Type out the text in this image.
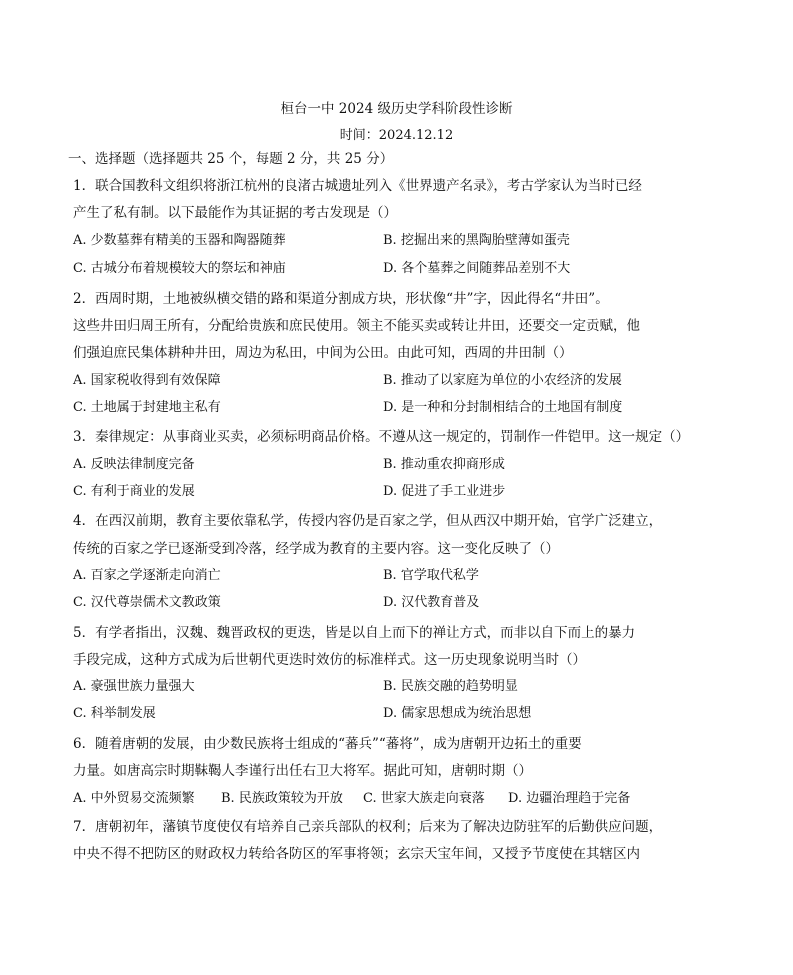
桓台一中 2024 级历史学科阶段性诊断
时间：2024.12.12
一、选择题（选择题共 25 个，每题 2 分，共 25 分）
1．联合国教科文组织将浙江杭州的良渚古城遗址列入《世界遗产名录》，考古学家认为当时已经
产生了私有制。以下最能作为其证据的考古发现是（）
A. 少数墓葬有精美的玉器和陶器随葬	B. 挖掘出来的黑陶胎壁薄如蛋壳
C. 古城分布着规模较大的祭坛和神庙	D. 各个墓葬之间随葬品差别不大
2．西周时期，土地被纵横交错的路和渠道分割成方块，形状像“井”字，因此得名“井田”。
这些井田归周王所有，分配给贵族和庶民使用。领主不能买卖或转让井田，还要交一定贡赋，他
们强迫庶民集体耕种井田，周边为私田，中间为公田。由此可知，西周的井田制（）
A. 国家税收得到有效保障	B. 推动了以家庭为单位的小农经济的发展
C. 土地属于封建地主私有	D. 是一种和分封制相结合的土地国有制度
3．秦律规定：从事商业买卖，必须标明商品价格。不遵从这一规定的，罚制作一件铠甲。这一规定（）
A. 反映法律制度完备	B. 推动重农抑商形成
C. 有利于商业的发展	D. 促进了手工业进步
4．在西汉前期，教育主要依靠私学，传授内容仍是百家之学，但从西汉中期开始，官学广泛建立，
传统的百家之学已逐渐受到冷落，经学成为教育的主要内容。这一变化反映了（）
A. 百家之学逐渐走向消亡	B. 官学取代私学
C. 汉代尊崇儒术文教政策	D. 汉代教育普及
5．有学者指出，汉魏、魏晋政权的更迭，皆是以自上而下的禅让方式，而非以自下而上的暴力
手段完成，这种方式成为后世朝代更迭时效仿的标准样式。这一历史现象说明当时（）
A. 豪强世族力量强大	B. 民族交融的趋势明显
C. 科举制发展	D. 儒家思想成为统治思想
6．随着唐朝的发展，由少数民族将士组成的“蕃兵”“蕃将”，成为唐朝开边拓土的重要
力量。如唐高宗时期靺鞨人李谨行出任右卫大将军。据此可知，唐朝时期（）
A. 中外贸易交流频繁 B. 民族政策较为开放 C. 世家大族走向衰落 D. 边疆治理趋于完备
7．唐朝初年，藩镇节度使仅有培养自己亲兵部队的权利；后来为了解决边防驻军的后勤供应问题，
中央不得不把防区的财政权力转给各防区的军事将领；玄宗天宝年间，又授予节度使在其辖区内
